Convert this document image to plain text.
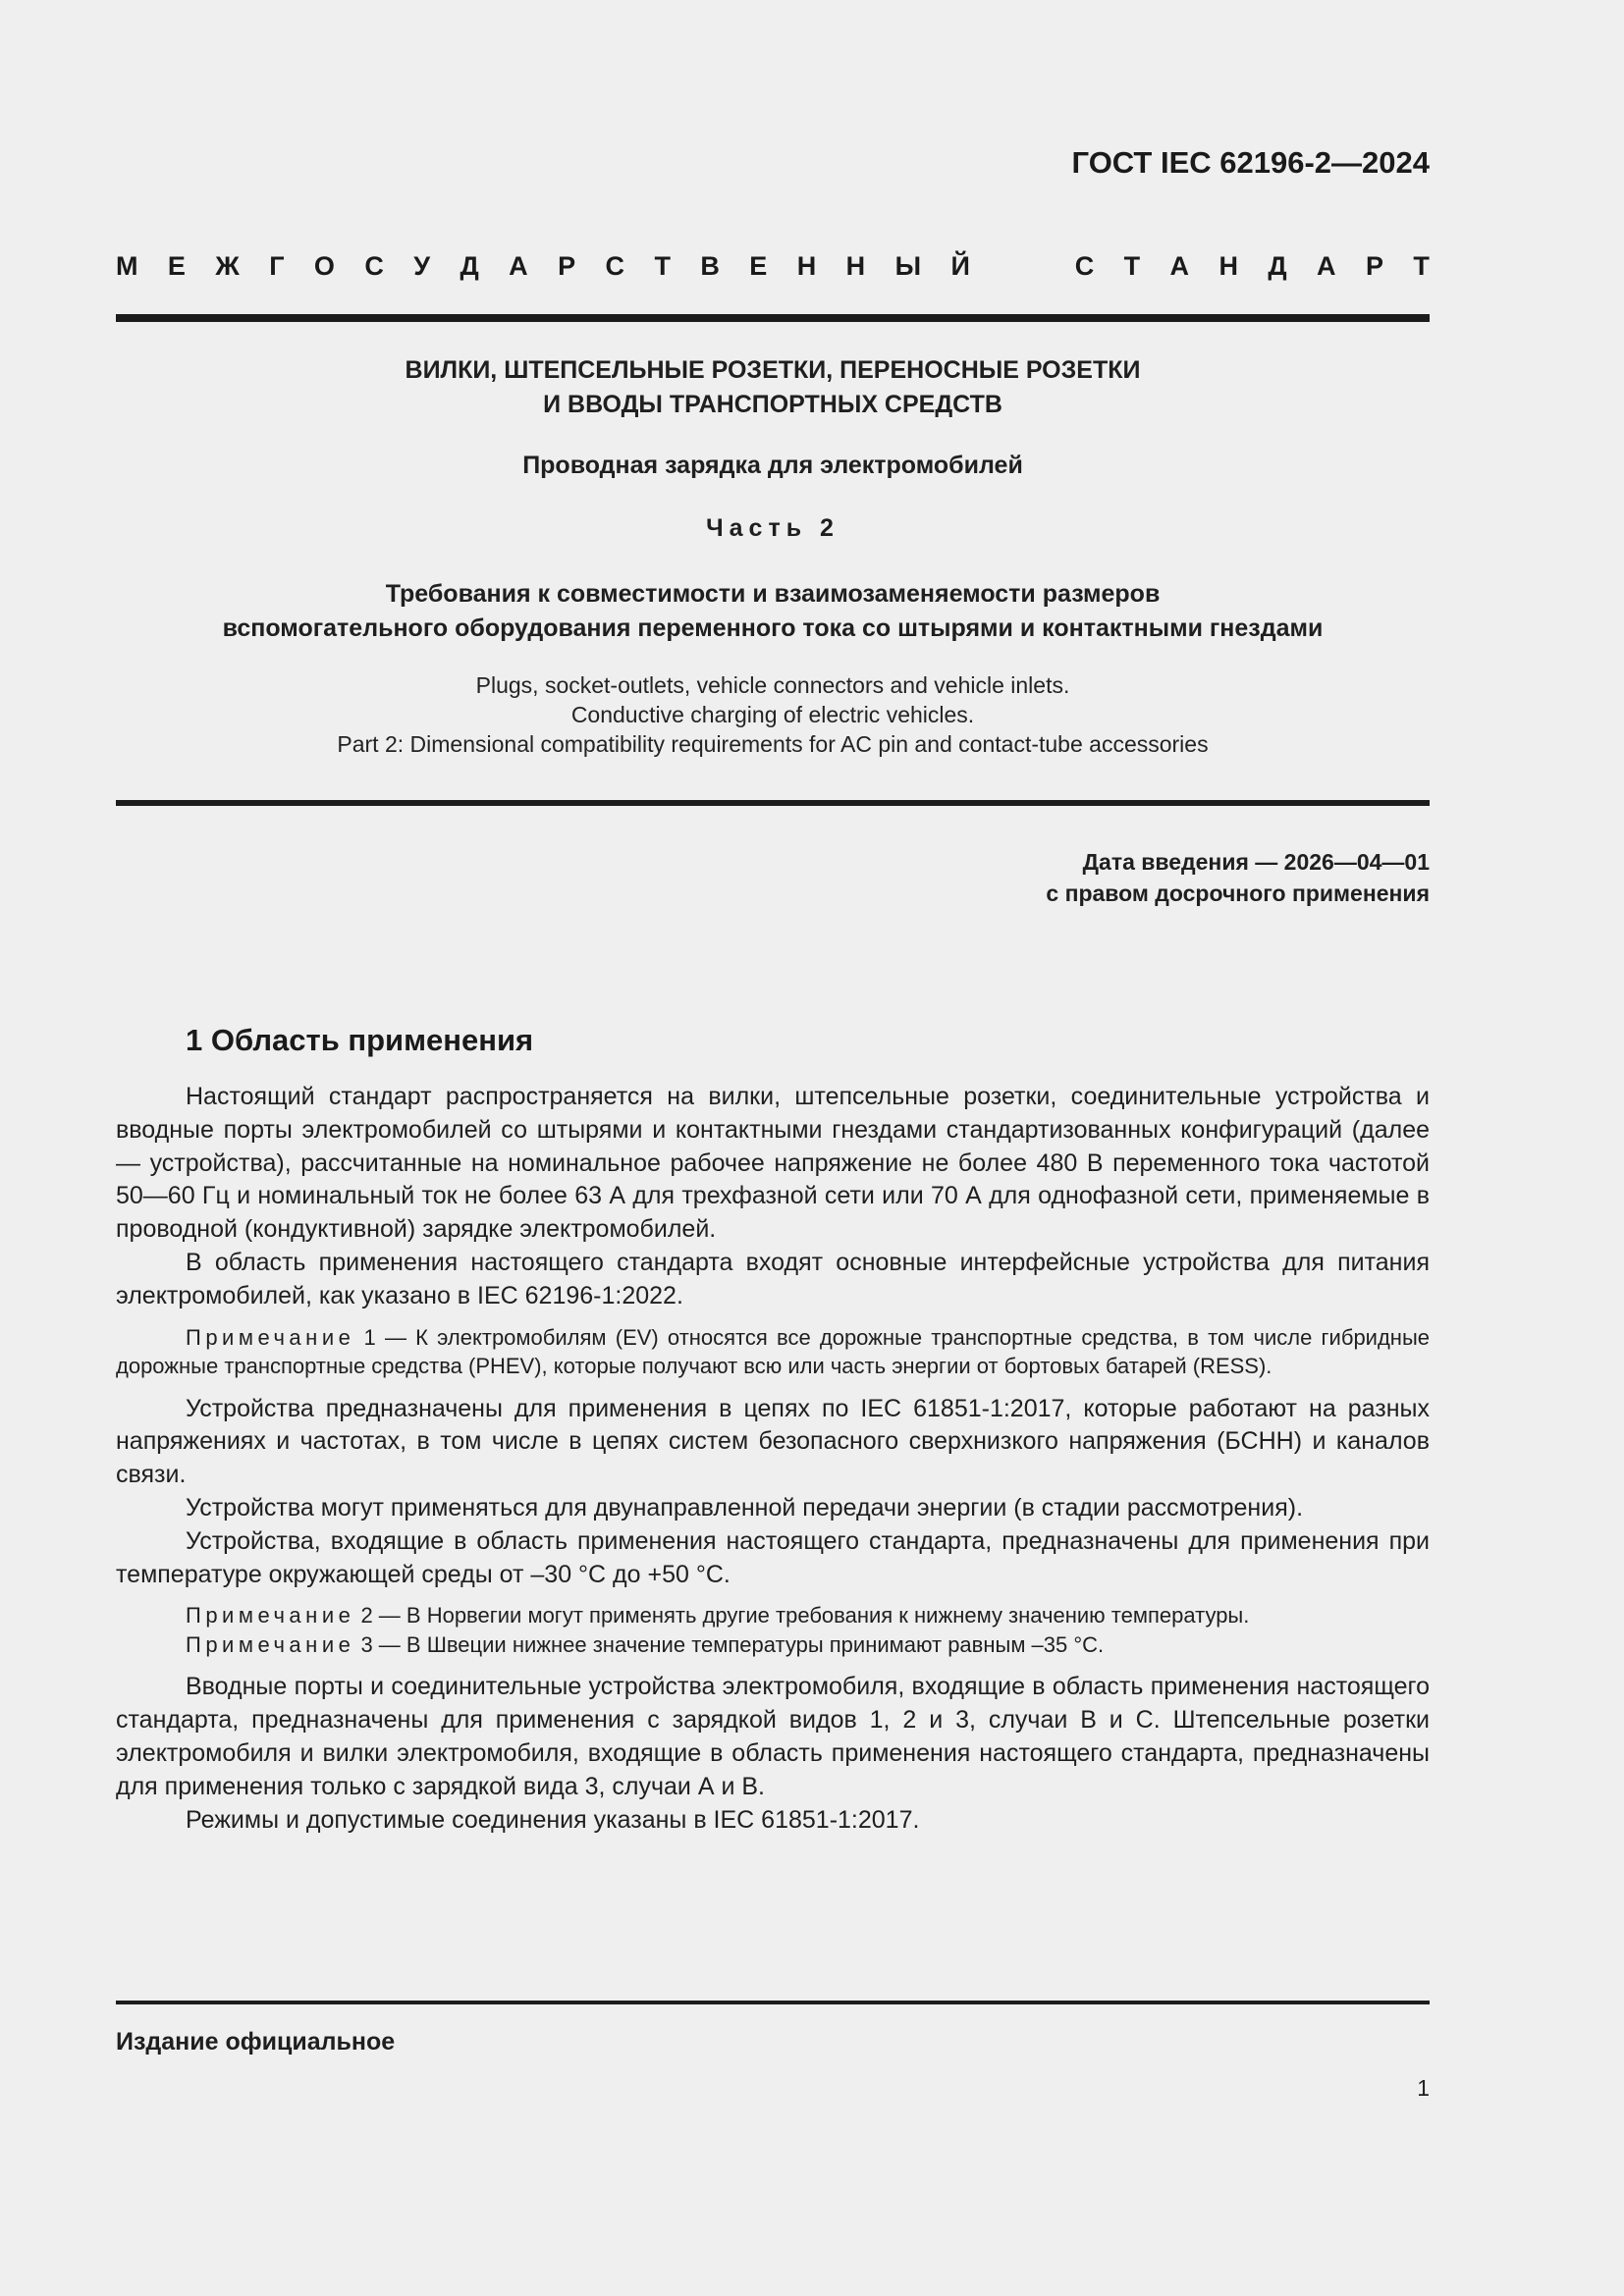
ГОСТ IEC 62196-2—2024
М Е Ж Г О С У Д А Р С Т В Е Н Н Ы Й	С Т А Н Д А Р Т
ВИЛКИ, ШТЕПСЕЛЬНЫЕ РОЗЕТКИ, ПЕРЕНОСНЫЕ РОЗЕТКИ
И ВВОДЫ ТРАНСПОРТНЫХ СРЕДСТВ
Проводная зарядка для электромобилей
Часть 2
Требования к совместимости и взаимозаменяемости размеров
вспомогательного оборудования переменного тока со штырями и контактными гнездами
Plugs, socket-outlets, vehicle connectors and vehicle inlets.
Conductive charging of electric vehicles.
Part 2: Dimensional compatibility requirements for AC pin and contact-tube accessories
Дата введения — 2026—04—01
с правом досрочного применения
1 Область применения

Настоящий стандарт распространяется на вилки, штепсельные розетки, соединительные устройства и вводные порты электромобилей со штырями и контактными гнездами стандартизованных конфигураций (далее — устройства), рассчитанные на номинальное рабочее напряжение не более 480 В переменного тока частотой 50—60 Гц и номинальный ток не более 63 А для трехфазной сети или 70 А для однофазной сети, применяемые в проводной (кондуктивной) зарядке электромобилей.

В область применения настоящего стандарта входят основные интерфейсные устройства для питания электромобилей, как указано в IEC 62196-1:2022.

Примечание 1 — К электромобилям (EV) относятся все дорожные транспортные средства, в том числе гибридные дорожные транспортные средства (PHEV), которые получают всю или часть энергии от бортовых батарей (RESS).

Устройства предназначены для применения в цепях по IEC 61851-1:2017, которые работают на разных напряжениях и частотах, в том числе в цепях систем безопасного сверхнизкого напряжения (БСНН) и каналов связи.

Устройства могут применяться для двунаправленной передачи энергии (в стадии рассмотрения).

Устройства, входящие в область применения настоящего стандарта, предназначены для применения при температуре окружающей среды от –30 °С до +50 °С.

Примечание 2 — В Норвегии могут применять другие требования к нижнему значению температуры.

Примечание 3 — В Швеции нижнее значение температуры принимают равным –35 °С.

Вводные порты и соединительные устройства электромобиля, входящие в область применения настоящего стандарта, предназначены для применения с зарядкой видов 1, 2 и 3, случаи В и С. Штепсельные розетки электромобиля и вилки электромобиля, входящие в область применения настоящего стандарта, предназначены для применения только с зарядкой вида 3, случаи А и В.

Режимы и допустимые соединения указаны в IEC 61851-1:2017.

Издание официальное
1
